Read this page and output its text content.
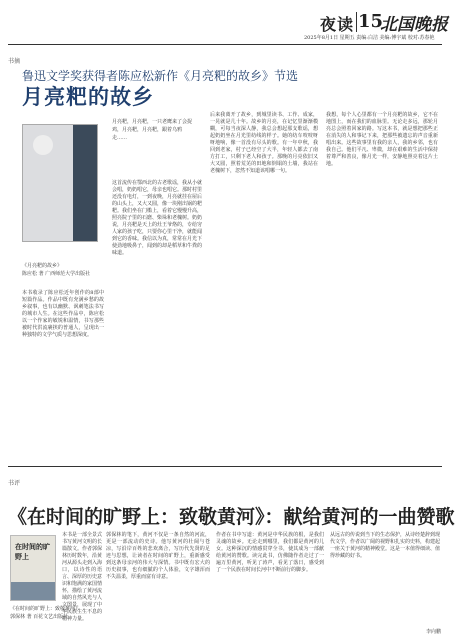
夜读 15
北国晚报
2025年8月1日 星期五 责编:白洁 美编:傅宇斌 校对:苏春艳
书摘
鲁迅文学奖获得者陈应松新作《月亮粑的故乡》节选
月亮粑的故乡
《月亮粑的故乡》
陈应松 著 广西师范大学出版社
本书收录了陈应松近年创作的8部中短篇作品。作品中既有充满乡愁的故乡叙事，也有以幽默、讽刺笔法书写的城市人生。在这些作品中，陈应松以一个作家的敏锐和温情，书写那些被时代洪流裹挟的普通人，呈现出一种独特的文学气质与思想深度。
月亮粑，月亮粑，一只老鹰来了会捉鸡，月亮粑，月亮粑，跟着乌鸦走……
这首流传在鄂西北的古老歌谣，我从小就会唱，奶奶唱它，母亲也唱它。那时村里还没有电灯，一到夜晚，月亮就挂在屋后的山头上，又大又圆，像一块刚出锅的粑粑。我们坐在门槛上，看着它慢慢升高，照亮院子里的石磨、柴垛和老槐树。奶奶说，月亮粑是天上的灶王爷烙的，专给穷人家的孩子吃，只要你心里干净，就能闻到它的香味。我信以为真，常常在月光下使劲地吸鼻子，闻到的却是稻草和牛粪的味道。
后来我离开了故乡，到城里读书、工作、成家，一晃就是几十年。故乡的月亮，在记忆里渐渐模糊，可每当夜深人静，我总会想起那支歌谣，想起奶奶坐在月光里纺线的样子。她的纺车吱吱呀呀地响，像一首没有尽头的歌。有一年中秋，我回到老家，村子已经空了大半，年轻人都去了南方打工，只剩下老人和孩子。那晚的月亮依旧又大又圆，照着荒芜的田地和倒塌的土墙，我站在老槐树下，忽然不知道该唱哪一句。
我想，每个人心里都有一个月亮粑的故乡，它不在地图上，而在我们的血脉里。无论走多远，那轮月亮总会照着回家的路。写这本书，就是想把那些正在消失的人和事记下来，把那些被遗忘的声音重新唱出来。这些故事里有我的亲人，我的乡邻，也有我自己。他们平凡、卑微，却在艰难的生活中保持着尊严和善良，像月光一样，安静地照亮着这片土地。
书评
《在时间的旷野上：致敬黄河》：献给黄河的一曲赞歌
在时间的旷野上
本书是一部全景式书写黄河文明的长篇散文。作者郭保林历时数年，沿黄河从源头走到入海口，以诗性的语言、深厚的历史意识和饱满的家国情怀，描绘了黄河流域的自然风光与人文图景，展现了中华民族生生不息的精神力量。
《在时间的旷野上：致敬黄河》
郭保林 著 百花文艺出版社
郭保林的笔下，黄河不仅是一条自然的河流，更是一部流动的史诗。他写黄河的壮阔与苍凉，写沿岸百姓的悲欢离合，写历代先贤的足迹与思想，让读者在时间的旷野上，重新感受到这条母亲河的伟大与深情。书中既有宏大的历史叙事，也有细腻的个人体验，文字雄浑而不失温柔，厚重而富有诗意。
作者在书中写道：黄河是中华民族的根，是我们灵魂的故乡。无论走到哪里，我们都是黄河的儿女。这种深沉的情感贯穿全书，使其成为一部献给黄河的赞歌。读完此书，仿佛随作者走过了一遍万里黄河，听见了涛声，看见了落日，感受到了一个民族在时间长河中不断前行的脚步。
从远古的传说到当下的生态保护，从诗经楚辞到现代文学，作者以广阔的视野和扎实的史料，构建起一座关于黄河的精神殿堂。这是一本值得细读、值得珍藏的好书。
李向鹏
